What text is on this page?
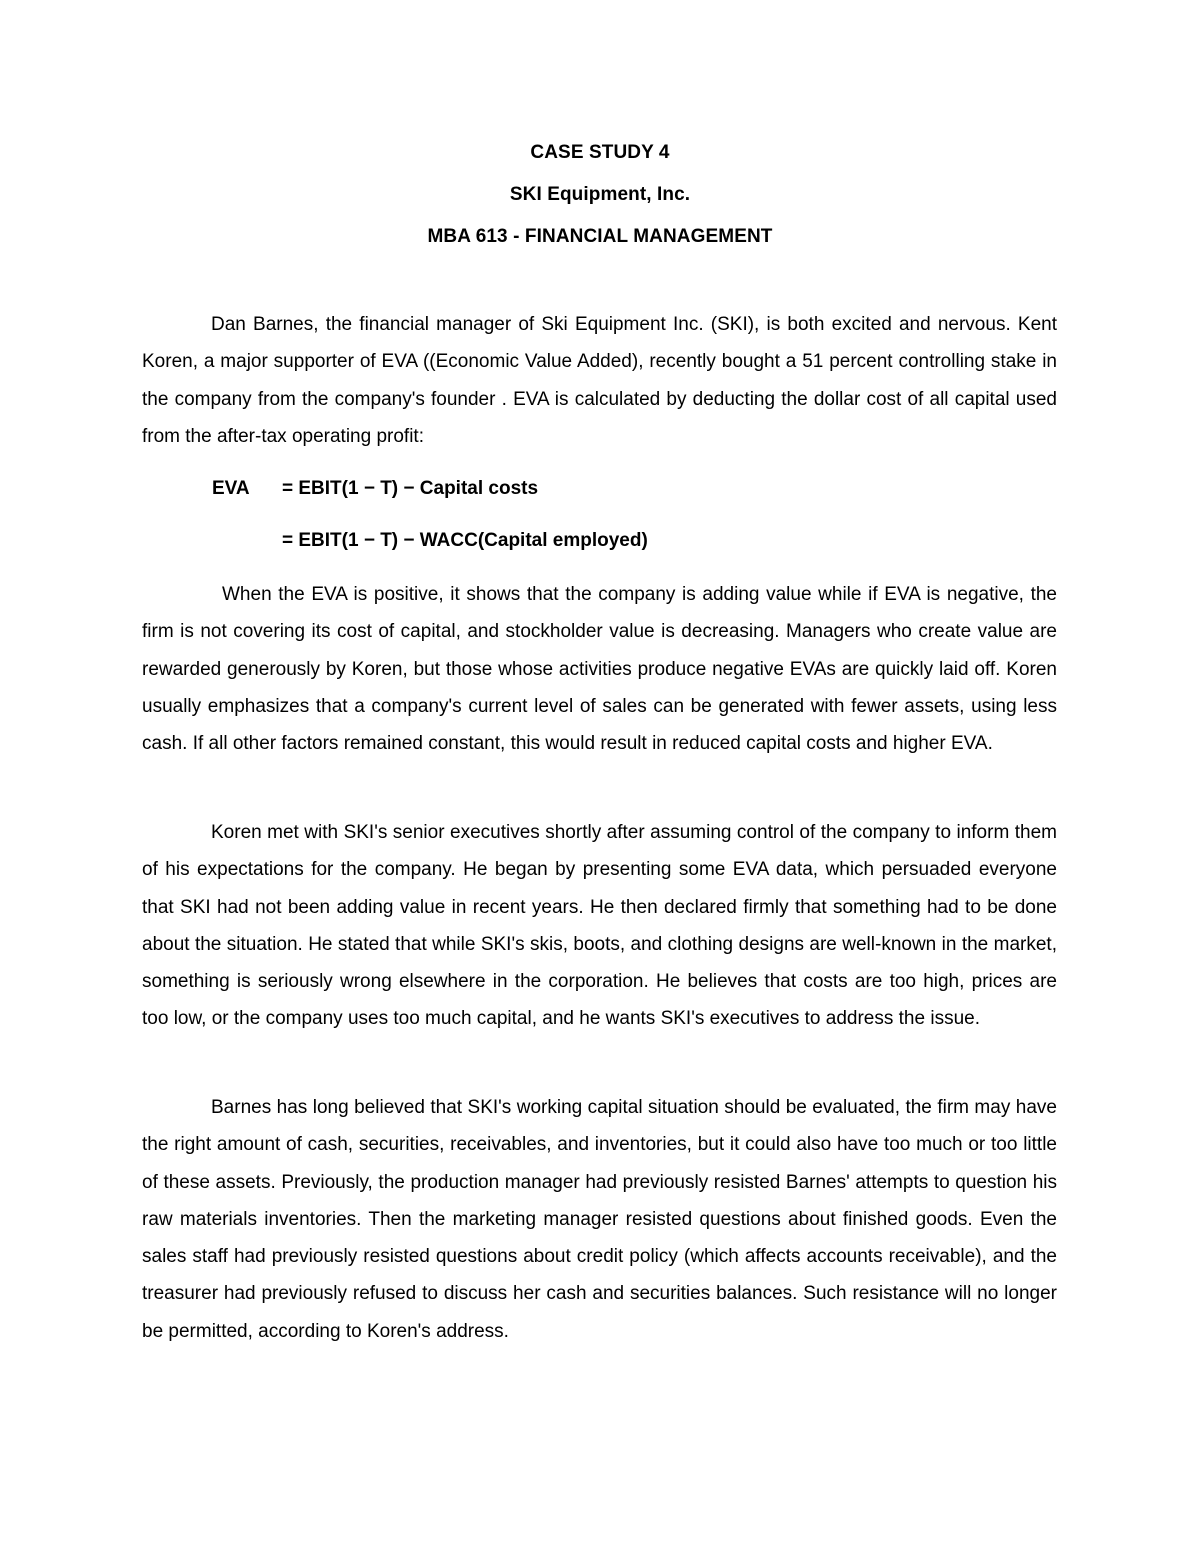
CASE STUDY 4
SKI Equipment, Inc.
MBA 613 - FINANCIAL MANAGEMENT

Dan Barnes, the financial manager of Ski Equipment Inc. (SKI), is both excited and nervous. Kent Koren, a major supporter of EVA ((Economic Value Added), recently bought a 51 percent controlling stake in the company from the company's founder . EVA is calculated by deducting the dollar cost of all capital used from the after-tax operating profit:

EVA = EBIT(1 − T) − Capital costs
= EBIT(1 − T) − WACC(Capital employed)

When the EVA is positive, it shows that the company is adding value while if EVA is negative, the firm is not covering its cost of capital, and stockholder value is decreasing. Managers who create value are rewarded generously by Koren, but those whose activities produce negative EVAs are quickly laid off. Koren usually emphasizes that a company's current level of sales can be generated with fewer assets, using less cash. If all other factors remained constant, this would result in reduced capital costs and higher EVA.

Koren met with SKI's senior executives shortly after assuming control of the company to inform them of his expectations for the company. He began by presenting some EVA data, which persuaded everyone that SKI had not been adding value in recent years. He then declared firmly that something had to be done about the situation. He stated that while SKI's skis, boots, and clothing designs are well-known in the market, something is seriously wrong elsewhere in the corporation. He believes that costs are too high, prices are too low, or the company uses too much capital, and he wants SKI's executives to address the issue.

Barnes has long believed that SKI's working capital situation should be evaluated, the firm may have the right amount of cash, securities, receivables, and inventories, but it could also have too much or too little of these assets. Previously, the production manager had previously resisted Barnes' attempts to question his raw materials inventories. Then the marketing manager resisted questions about finished goods. Even the sales staff had previously resisted questions about credit policy (which affects accounts receivable), and the treasurer had previously refused to discuss her cash and securities balances. Such resistance will no longer be permitted, according to Koren's address.
